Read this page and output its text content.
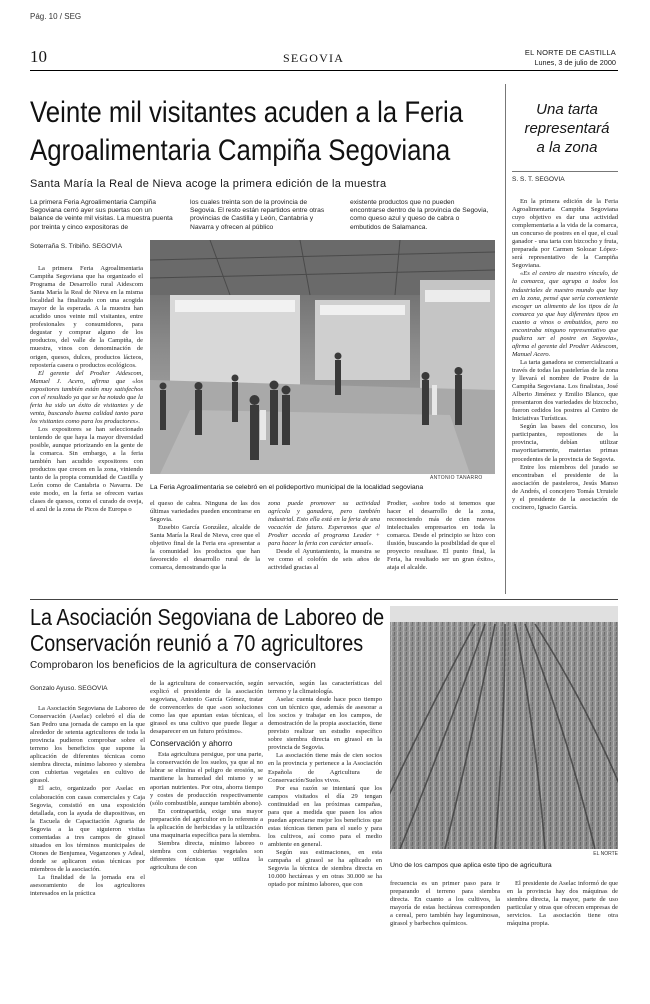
Pág. 10 / SEG
10	SEGOVIA	EL NORTE DE CASTILLA
Lunes, 3 de julio de 2000
Veinte mil visitantes acuden a la Feria
Agroalimentaria Campiña Segoviana
Santa María la Real de Nieva acoge la primera edición de la muestra
La primera Feria Agroalimentaria Campiña Segoviana cerró ayer sus puertas con un balance de veinte mil visitas. La muestra puenta por treinta y cinco expositoras de
los cuales treinta son de la provincia de Segovia. El resto están repartidos entre otras provincias de Castilla y León, Cantabria y Navarra y ofrecen al público
existente productos que no pueden encontrarse dentro de la provincia de Segovia, como queso azul y queso de cabra o embutidos de Salamanca.
Soterraña S. Tribiño. SEGOVIA
ANTONIO TANARRO
La Feria Agroalimentaria se celebró en el polideportivo municipal de la localidad segoviana

La primera Feria Agroalimentaria Campiña Segoviana que ha organizado el Programa de Desarrollo rural Aidescom Santa María la Real de Nieva en la misma localidad ha finalizado con una acogida mayor de la esperada. A la muestra han acudido unos veinte mil visitantes, entre profesionales y consumidores, para degustar y comprar alguno de los productos, del valle de la Campiña, de muestra, vinos con denominación de origen, quesos, dulces, productos lácteos, repostería casera o productos ecológicos.

El gerente del Prodier Aidescom, Manuel J. Acero, afirma que «los expositores también están muy satisfechos con el resultado ya que se ha notado que la feria ha sido un éxito de visitantes y de venta, buscando buena calidad tanto para los visitantes como para los productores».

Los expositores se han seleccionado teniendo de que haya la mayor diversidad posible, aunque priorizando en la gente de la comarca. Sin embargo, a la feria también han acudido expositores con productos que crecen en la zona, viniendo tanto de la propia comunidad de Castilla y León como de Cantabria o Navarra. De este modo, en la feria se ofrecen varias clases de quesos, como el curado de oveja, el azul de la zona de Picos de Europa o

el queso de cabra. Ninguna de las dos últimas variedades pueden encontrarse en Segovia.

Eusebio García González, alcalde de Santa María la Real de Nieva, cree que el objetivo final de la Feria era «presentar a la comunidad los productos que han favorecido el desarrollo rural de la comarca, demostrando que la

zona puede promover su actividad agrícola y ganadera, pero también industrial. Esto ella está en la feria de una vocación de futuro. Esperamos que el Prodier acceda al programa Leader + para hacer la feria con carácter anual».

Desde el Ayuntamiento, la muestra se ve como el colofón de seis años de actividad gracias al

Prodier, «sobre todo si tenemos que hacer el desarrollo de la zona, reconociendo más de cien nuevos intelectuales empresarios en toda la comarca. Desde el principio se hizo con ilusión, buscando la posibilidad de que el proyecto resultase. El punto final, la Feria, ha resultado ser un gran éxito», ataja el alcalde.

Una tarta
representará
a la zona
S. S. T. SEGOVIA

En la primera edición de la Feria Agroalimentaria Campiña Segoviana cuyo objetivo es dar una actividad complementaria a la vida de la comarca, un concurso de postres en el que, el cual ganador - una tarta con bizcocho y fruta, preparada por Carmen Solozar López- será representativo de la Campiña Segoviana.

«Es el centro de nuestro vínculo, de la comarca, que agrupa a todos los industriales de nuestro mundo que hay en la zona, pensé que sería conveniente escoger un alimento de los tipos de la comarca ya que hay diferentes tipos en cuanto a vinos o embutidos, pero no encontraba ninguno representativo que pudiera ser el postre en Segovia», afirma el gerente del Prodier Aidescom, Manuel Acero.

La tarta ganadora se comercializará a través de todas las pastelerías de la zona y llevará el nombre de Postre de la Campiña Segoviana. Los finalistas, José Alberto Jiménez y Emilio Blanco, que presentaron dos variedades de bizcocho, fueron cedidos los postres al Centro de Iniciativas Turísticas.

Según las bases del concurso, los participantes, repostiones de la provincia, debían utilizar mayoritariamente, materias primas procedentes de la provincia de Segovia.

Entre los miembros del jurado se encontraban el presidente de la asociación de pasteleros, Jesús Manso de Andrés, el concejero Tomás Urruiele y el presidente de la asociación de cocinero, Ignacio García.

La Asociación Segoviana de Laboreo de
Conservación reunió a 70 agricultores
Comprobaron los beneficios de la agricultura de conservación
Gonzalo Ayuso. SEGOVIA

La Asociación Segoviana de Laboreo de Conservación (Aselac) celebró el día de San Pedro una jornada de campo en la que alrededor de setenta agricultores de toda la provincia pudieron comprobar sobre el terreno los beneficios que supone la aplicación de diferentes técnicas como siembra directa, mínimo laboreo y siembra con cubiertas vegetales en cultivo de girasol.

El acto, organizado por Aselac en colaboración con casas comerciales y Caja Segovia, consistió en una exposición detallada, con la ayuda de diapositivas, en la Escuela de Capacitación Agraria de Segovia a la que siguieron visitas comentadas a tres campos de girasol situados en los términos municipales de Otones de Benjumea, Veganzones y Adeal, donde se aplicaron estas técnicas por miembros de la asociación.

La finalidad de la jornada era el asesoramiento de los agricultores interesados en la práctica

de la agricultura de conservación, según explicó el presidente de la asociación segoviana, Antonio García Gómez, tratar de convencerles de que «son soluciones como las que apuntan estas técnicas, el girasol es una cultivo que puede llegar a desaparecer en un futuro próximo».

Conservación y ahorro

Esta agricultura persigue, por una parte, la conservación de los suelos, ya que al no labrar se elimina el peligro de erosión, se mantiene la humedad del mismo y se aportan nutrientes. Por otra, ahorra tiempo y costes de producción respectivamente (sólo combustible, aunque también abono).

En contrapartida, exige una mayor preparación del agricultor en lo referente a la aplicación de herbicidas y la utilización una maquinaria específica para la siembra.

Siembra directa, mínimo laboreo o siembra con cubiertas vegetales son diferentes técnicas que utiliza la agricultura de con

servación, según las características del terreno y la climatología.

Aselac cuenta desde hace poco tiempo con un técnico que, además de asesorar a los socios y trabajar en los campos, de demostración de la propia asociación, tiene previsto realizar un estudio específico sobre siembra directa en girasol en la provincia de Segovia.

La asociación tiene más de cien socios en la provincia y pertenece a la Asociación Española de Agricultura de Conservación/Suelos vivos.

Por esa razón se intentará que los campos visitados el día 29 tengan continuidad en las próximas campañas, para que a medida que pasen los años puedan apreciarse mejor los beneficios que estas técnicas tienen para el suelo y para los cultivos, así como para el medio ambiente en general.

Según sus estimaciones, en esta campaña el girasol se ha aplicado en Segovia la técnica de siembra directa en 10.000 hectáreas y en otras 30.000 se ha optado por mínimo laboreo, que con

EL NORTE
Uno de los campos que aplica este tipo de agricultura

frecuencia es un primer paso para ir preparando el terreno para siembra directa. En cuanto a los cultivos, la mayoría de estas hectáreas corresponden a cereal, pero también hay leguminosas, girasol y barbechos químicos.

El presidente de Aselac informó de que en la provincia hay dos máquinas de siembra directa, la mayor, parte de uso particular y otras que ofrecen empresas de servicios. La asociación tiene otra máquina propia.
